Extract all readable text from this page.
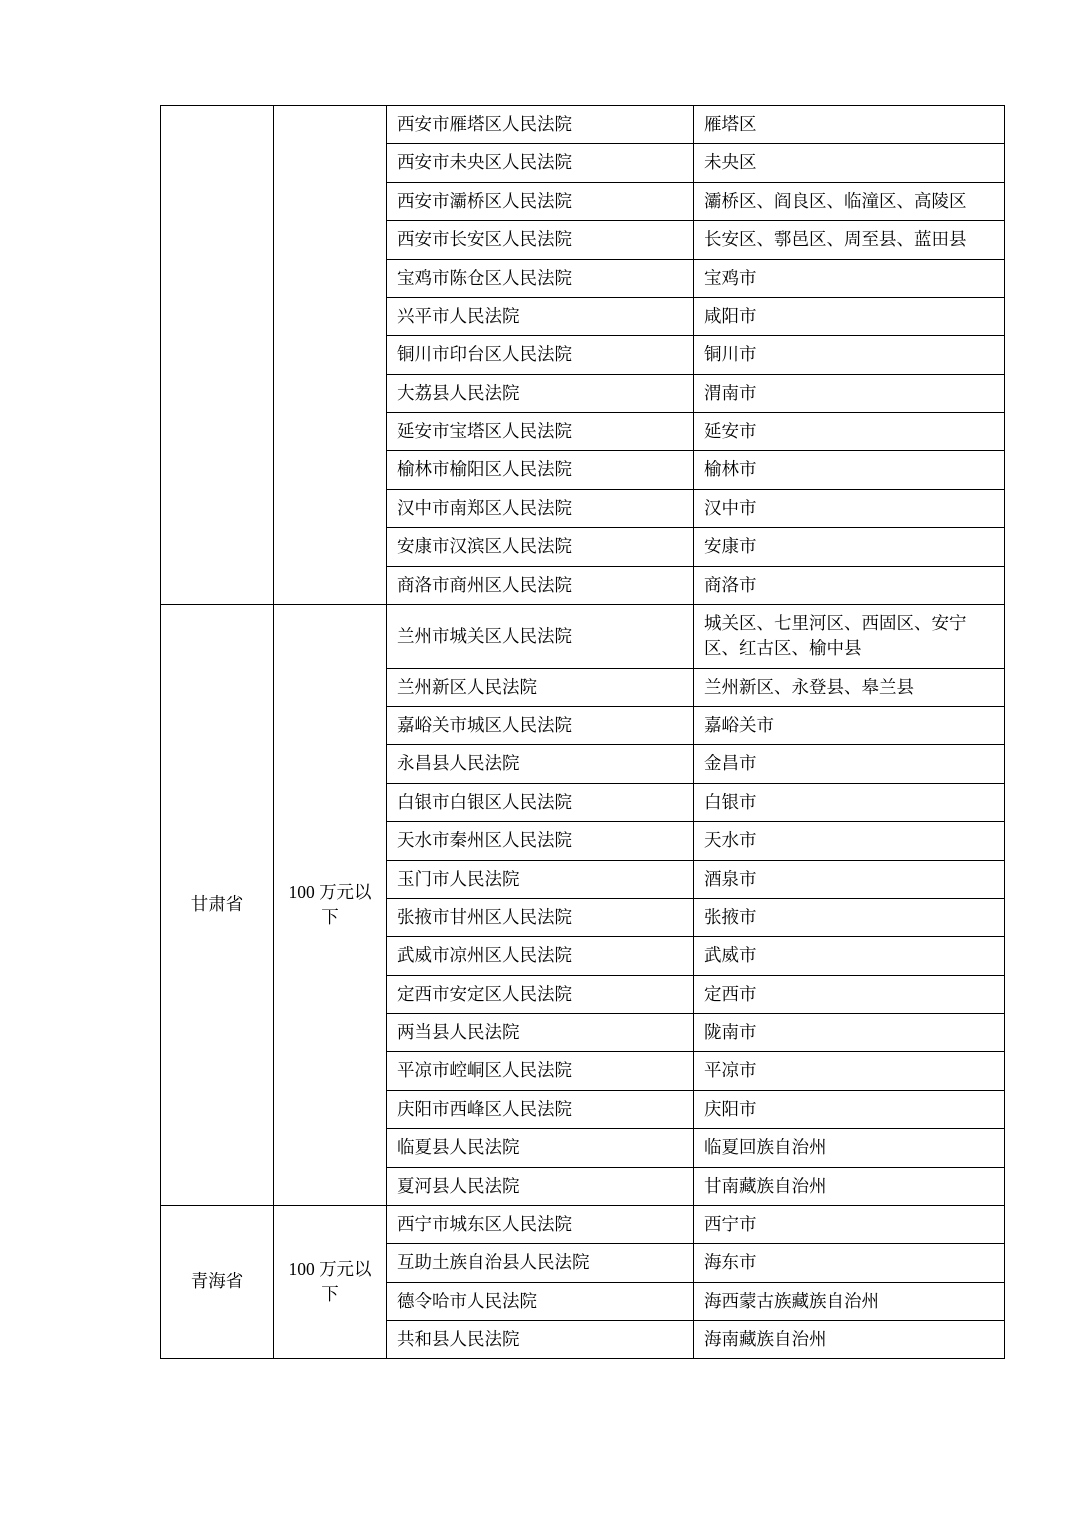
		西安市雁塔区人民法院	雁塔区
		西安市未央区人民法院	未央区
		西安市灞桥区人民法院	灞桥区、阎良区、临潼区、高陵区
		西安市长安区人民法院	长安区、鄠邑区、周至县、蓝田县
		宝鸡市陈仓区人民法院	宝鸡市
		兴平市人民法院	咸阳市
		铜川市印台区人民法院	铜川市
		大荔县人民法院	渭南市
		延安市宝塔区人民法院	延安市
		榆林市榆阳区人民法院	榆林市
		汉中市南郑区人民法院	汉中市
		安康市汉滨区人民法院	安康市
		商洛市商州区人民法院	商洛市
甘肃省	100 万元以下	兰州市城关区人民法院	城关区、七里河区、西固区、安宁区、红古区、榆中县
		兰州新区人民法院	兰州新区、永登县、皋兰县
		嘉峪关市城区人民法院	嘉峪关市
		永昌县人民法院	金昌市
		白银市白银区人民法院	白银市
		天水市秦州区人民法院	天水市
		玉门市人民法院	酒泉市
		张掖市甘州区人民法院	张掖市
		武威市凉州区人民法院	武威市
		定西市安定区人民法院	定西市
		两当县人民法院	陇南市
		平凉市崆峒区人民法院	平凉市
		庆阳市西峰区人民法院	庆阳市
		临夏县人民法院	临夏回族自治州
		夏河县人民法院	甘南藏族自治州
青海省	100 万元以下	西宁市城东区人民法院	西宁市
		互助土族自治县人民法院	海东市
		德令哈市人民法院	海西蒙古族藏族自治州
		共和县人民法院	海南藏族自治州
